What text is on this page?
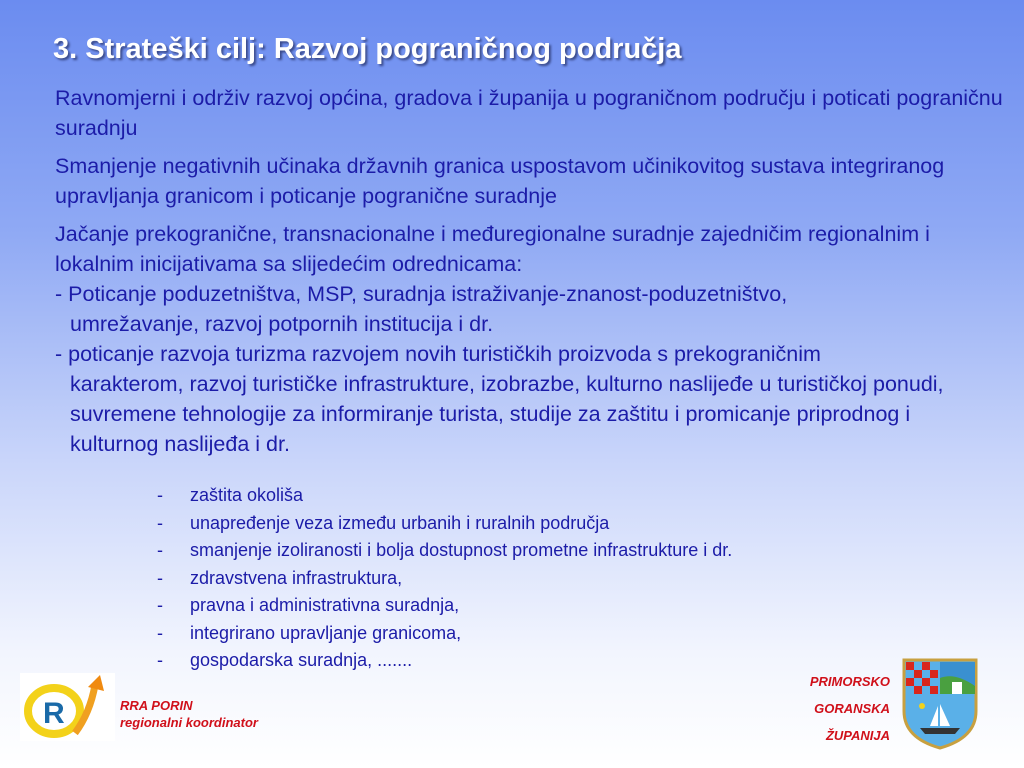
3. Strateški cilj: Razvoj pograničnog područja

Ravnomjerni i održiv razvoj općina, gradova i županija u pograničnom području i poticati pograničnu suradnju

Smanjenje negativnih učinaka državnih granica uspostavom učinikovitog sustava integriranog upravljanja granicom i poticanje pogranične suradnje

Jačanje prekogranične, transnacionalne i međuregionalne suradnje zajedničim regionalnim i lokalnim inicijativama sa slijedećim odrednicama:

- Poticanje poduzetništva, MSP, suradnja istraživanje-znanost-poduzetništvo,
umrežavanje, razvoj potpornih institucija i dr.
- poticanje razvoja turizma razvojem novih turističkih proizvoda s prekograničnim
karakterom, razvoj turističke infrastrukture, izobrazbe, kulturno naslijeđe u turističkoj ponudi, suvremene tehnologije za informiranje turista, studije za zaštitu i promicanje priprodnog i kulturnog naslijeđa i dr.
- zaštita okoliša
- unapređenje veza između urbanih i ruralnih područja
- smanjenje izoliranosti i bolja dostupnost prometne infrastrukture i dr.
- zdravstvena infrastruktura,
- pravna i administrativna suradnja,
- integrirano upravljanje granicoma,
- gospodarska suradnja, .......
R	RRA PORIN
regionalni koordinator
PRIMORSKO
GORANSKA
ŽUPANIJA
